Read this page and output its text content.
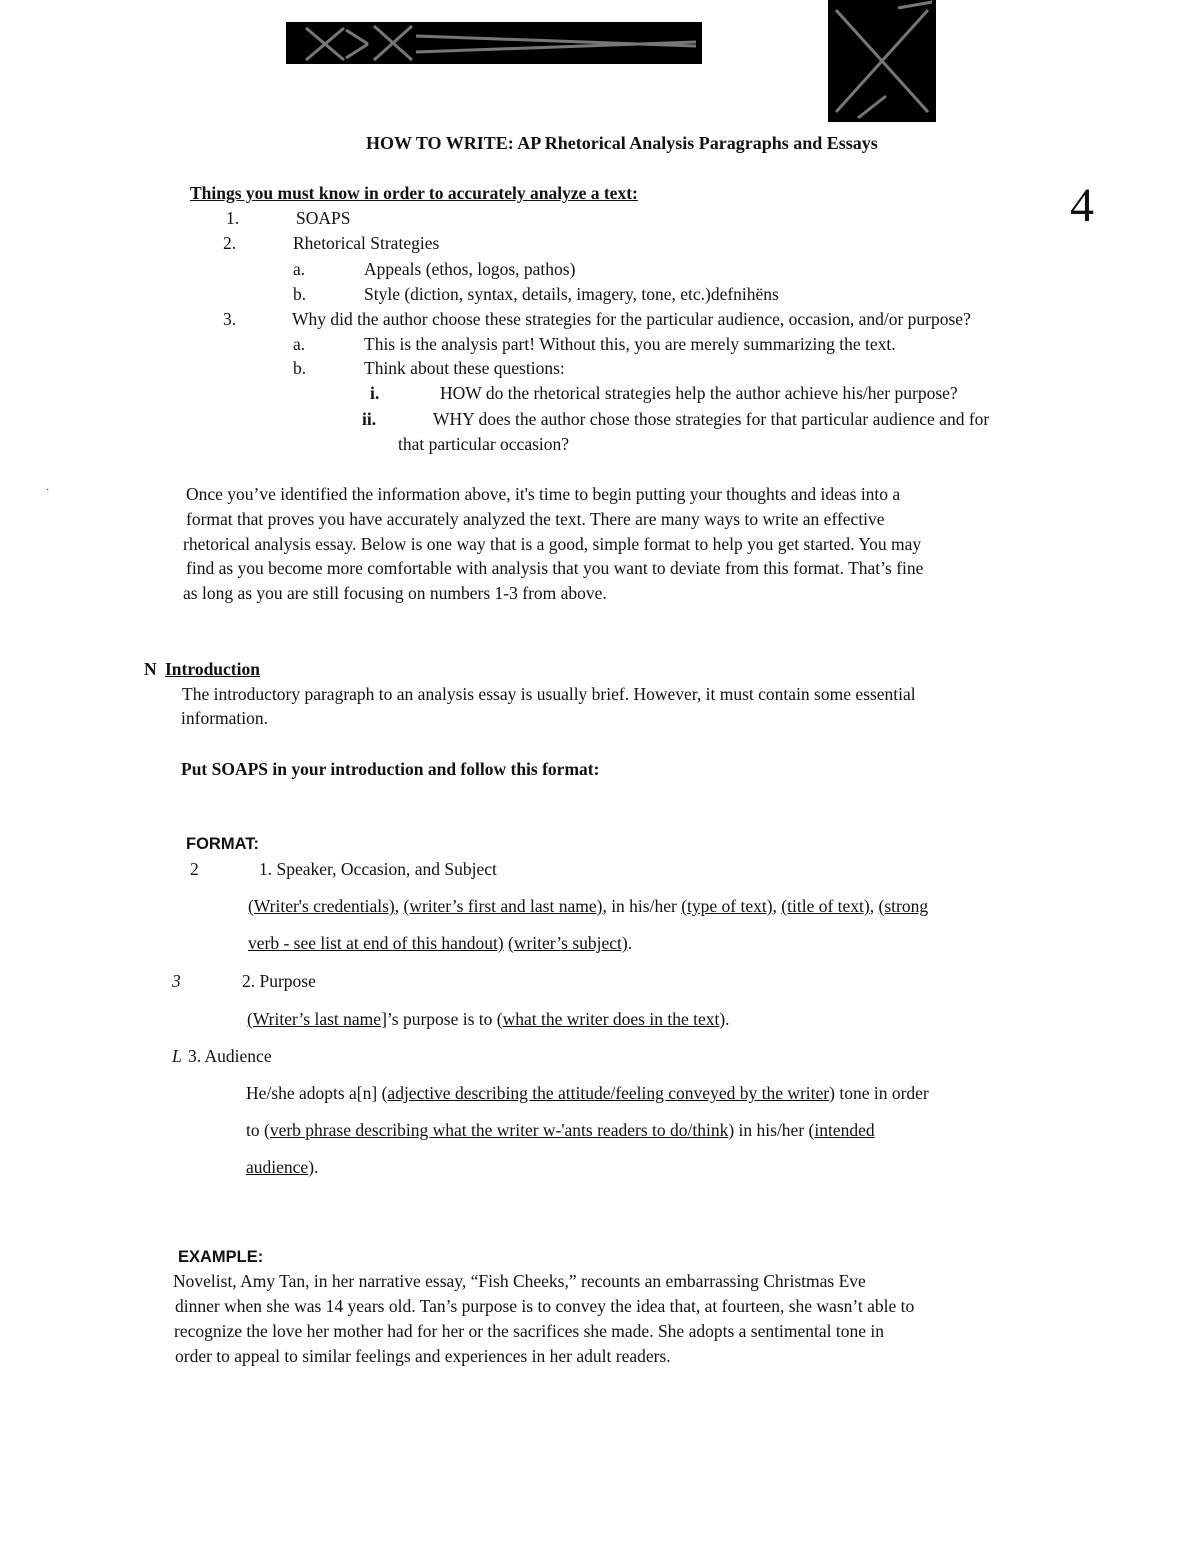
HOW TO WRITE: AP Rhetorical Analysis Paragraphs and Essays
4
Things you must know in order to accurately analyze a text:
1.	SOAPS
2.	Rhetorical Strategies
a.	Appeals (ethos, logos, pathos)
b.	Style (diction, syntax, details, imagery, tone, etc.)defnihëns
3.	Why did the author choose these strategies for the particular audience, occasion, and/or purpose?
a.	This is the analysis part! Without this, you are merely summarizing the text.
b.	Think about these questions:
i.	HOW do the rhetorical strategies help the author achieve his/her purpose?
ii.	WHY does the author chose those strategies for that particular audience and for
that particular occasion?
·	Once you’ve identified the information above, it's time to begin putting your thoughts and ideas into a
format that proves you have accurately analyzed the text. There are many ways to write an effective
rhetorical analysis essay. Below is one way that is a good, simple format to help you get started. You may
find as you become more comfortable with analysis that you want to deviate from this format. That’s fine
as long as you are still focusing on numbers 1-3 from above.
N Introduction
The introductory paragraph to an analysis essay is usually brief. However, it must contain some essential
information.
Put SOAPS in your introduction and follow this format:
FORMAT:
2	1. Speaker, Occasion, and Subject
(Writer's credentials), (writer’s first and last name), in his/her (type of text), (title of text), (strong
verb - see list at end of this handout) (writer’s subject).
3	2. Purpose
(Writer’s last name]’s purpose is to (what the writer does in the text).
L 3. Audience
He/she adopts a[n] (adjective describing the attitude/feeling conveyed by the writer) tone in order
to (verb phrase describing what the writer w-'ants readers to do/think) in his/her (intended
audience).
EXAMPLE:
Novelist, Amy Tan, in her narrative essay, “Fish Cheeks,” recounts an embarrassing Christmas Eve
dinner when she was 14 years old. Tan’s purpose is to convey the idea that, at fourteen, she wasn’t able to
recognize the love her mother had for her or the sacrifices she made. She adopts a sentimental tone in
order to appeal to similar feelings and experiences in her adult readers.
